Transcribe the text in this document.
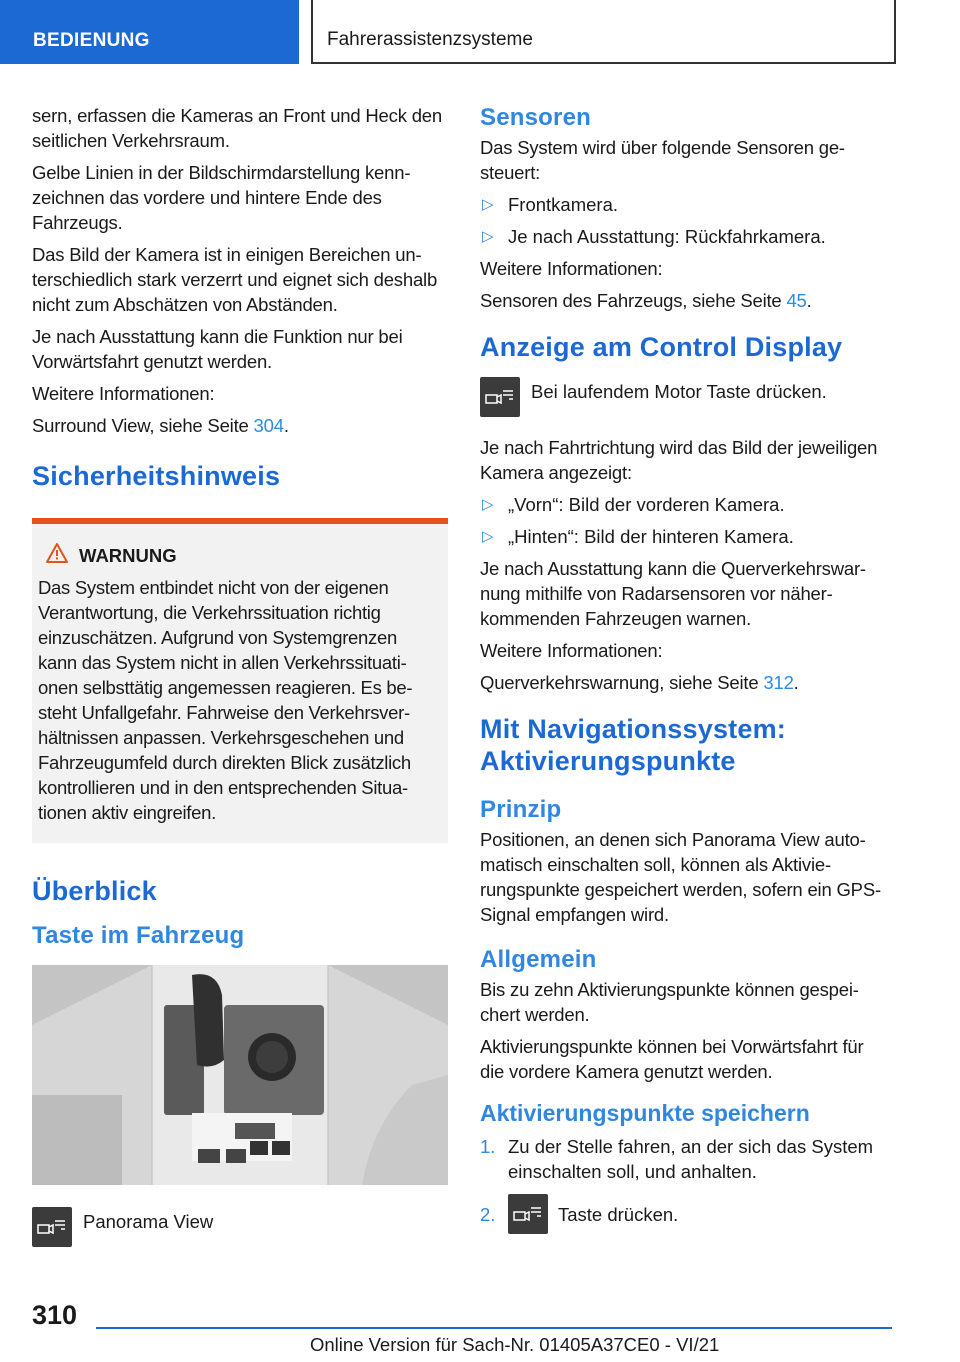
BEDIENUNG	Fahrerassistenzsysteme

sern, erfassen die Kameras an Front und Heck den seitlichen Verkehrsraum.

Gelbe Linien in der Bildschirmdarstellung kennzeichnen das vordere und hintere Ende des Fahrzeugs.

Das Bild der Kamera ist in einigen Bereichen unterschiedlich stark verzerrt und eignet sich deshalb nicht zum Abschätzen von Abständen.

Je nach Ausstattung kann die Funktion nur bei Vorwärtsfahrt genutzt werden.

Weitere Informationen:

Surround View, siehe Seite 304.

Sicherheitshinweis
WARNUNG
Das System entbindet nicht von der eigenen Verantwortung, die Verkehrssituation richtig einzuschätzen. Aufgrund von Systemgrenzen kann das System nicht in allen Verkehrssituationen selbsttätig angemessen reagieren. Es besteht Unfallgefahr. Fahrweise den Verkehrsverhältnissen anpassen. Verkehrsgeschehen und Fahrzeugumfeld durch direkten Blick zusätzlich kontrollieren und in den entsprechenden Situationen aktiv eingreifen.
Überblick
Taste im Fahrzeug
Panorama View
Sensoren

Das System wird über folgende Sensoren gesteuert:

▷ Frontkamera.
▷ Je nach Ausstattung: Rückfahrkamera.

Weitere Informationen:

Sensoren des Fahrzeugs, siehe Seite 45.

Anzeige am Control Display
Bei laufendem Motor Taste drücken.

Je nach Fahrtrichtung wird das Bild der jeweiligen Kamera angezeigt:

▷ „Vorn“: Bild der vorderen Kamera.
▷ „Hinten“: Bild der hinteren Kamera.

Je nach Ausstattung kann die Querverkehrswarnung mithilfe von Radarsensoren vor näherkommenden Fahrzeugen warnen.

Weitere Informationen:

Querverkehrswarnung, siehe Seite 312.

Mit Navigationssystem: Aktivierungspunkte
Prinzip

Positionen, an denen sich Panorama View automatisch einschalten soll, können als Aktivierungspunkte gespeichert werden, sofern ein GPS-Signal empfangen wird.

Allgemein

Bis zu zehn Aktivierungspunkte können gespeichert werden.

Aktivierungspunkte können bei Vorwärtsfahrt für die vordere Kamera genutzt werden.

Aktivierungspunkte speichern
1. Zu der Stelle fahren, an der sich das System einschalten soll, und anhalten.
2.	Taste drücken.
310
Online Version für Sach-Nr. 01405A37CE0 - VI/21
